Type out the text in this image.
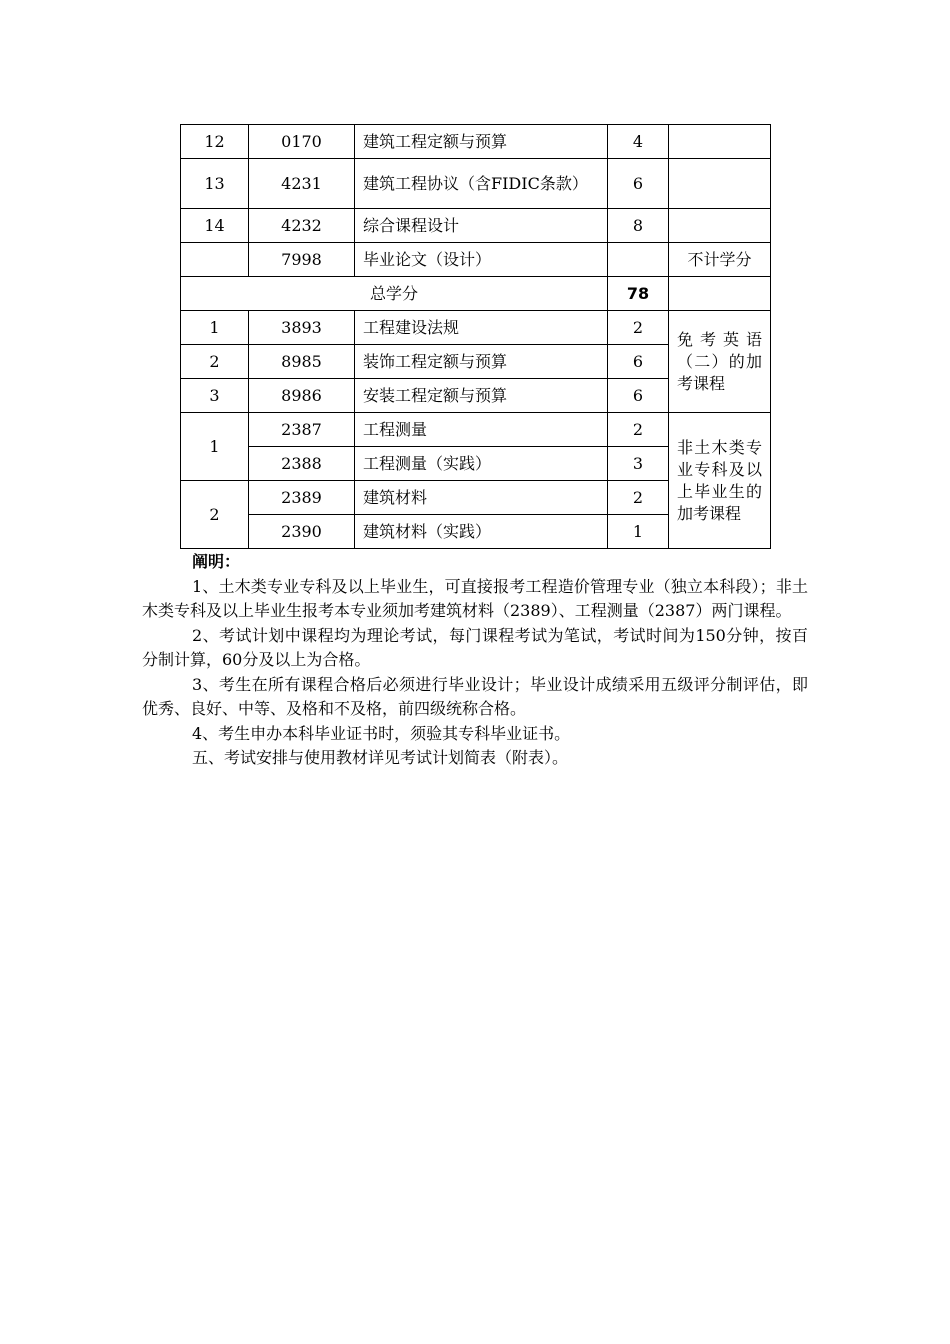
12	0170	建筑工程定额与预算	4	
13	4231	建筑工程协议（含FIDIC条款）	6	
14	4232	综合课程设计	8	
	7998	毕业论文（设计）		不计学分
总学分			78	
1	3893	工程建设法规	2	免考英语（二）的加考课程
2	8985	装饰工程定额与预算	6	
3	8986	安装工程定额与预算	6	
1	2387	工程测量	2	非土木类专业专科及以上毕业生的加考课程
	2388	工程测量（实践）	3	
2	2389	建筑材料	2	
	2390	建筑材料（实践）	1	
阐明：

1、土木类专业专科及以上毕业生，可直接报考工程造价管理专业（独立本科段）；非土木类专科及以上毕业生报考本专业须加考建筑材料（2389）、工程测量（2387）两门课程。

2、考试计划中课程均为理论考试，每门课程考试为笔试，考试时间为150分钟，按百分制计算，60分及以上为合格。

3、考生在所有课程合格后必须进行毕业设计；毕业设计成绩采用五级评分制评估，即优秀、良好、中等、及格和不及格，前四级统称合格。

4、考生申办本科毕业证书时，须验其专科毕业证书。

五、考试安排与使用教材详见考试计划简表（附表）。
